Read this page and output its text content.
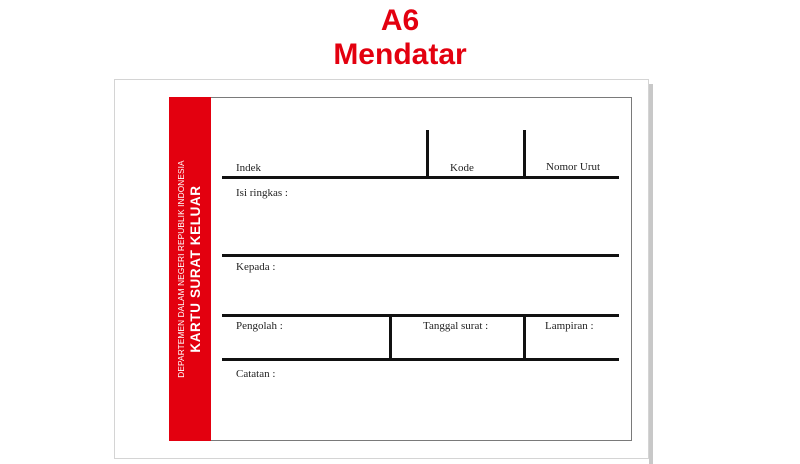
A6
Mendatar
DEPARTEMEN DALAM NEGERI REPUBLIK INDONESIA KARTU SURAT KELUAR
Indek	Kode	Nomor Urut
Isi ringkas :
Kepada :
Pengolah :	Tanggal surat :	Lampiran :
Catatan :
